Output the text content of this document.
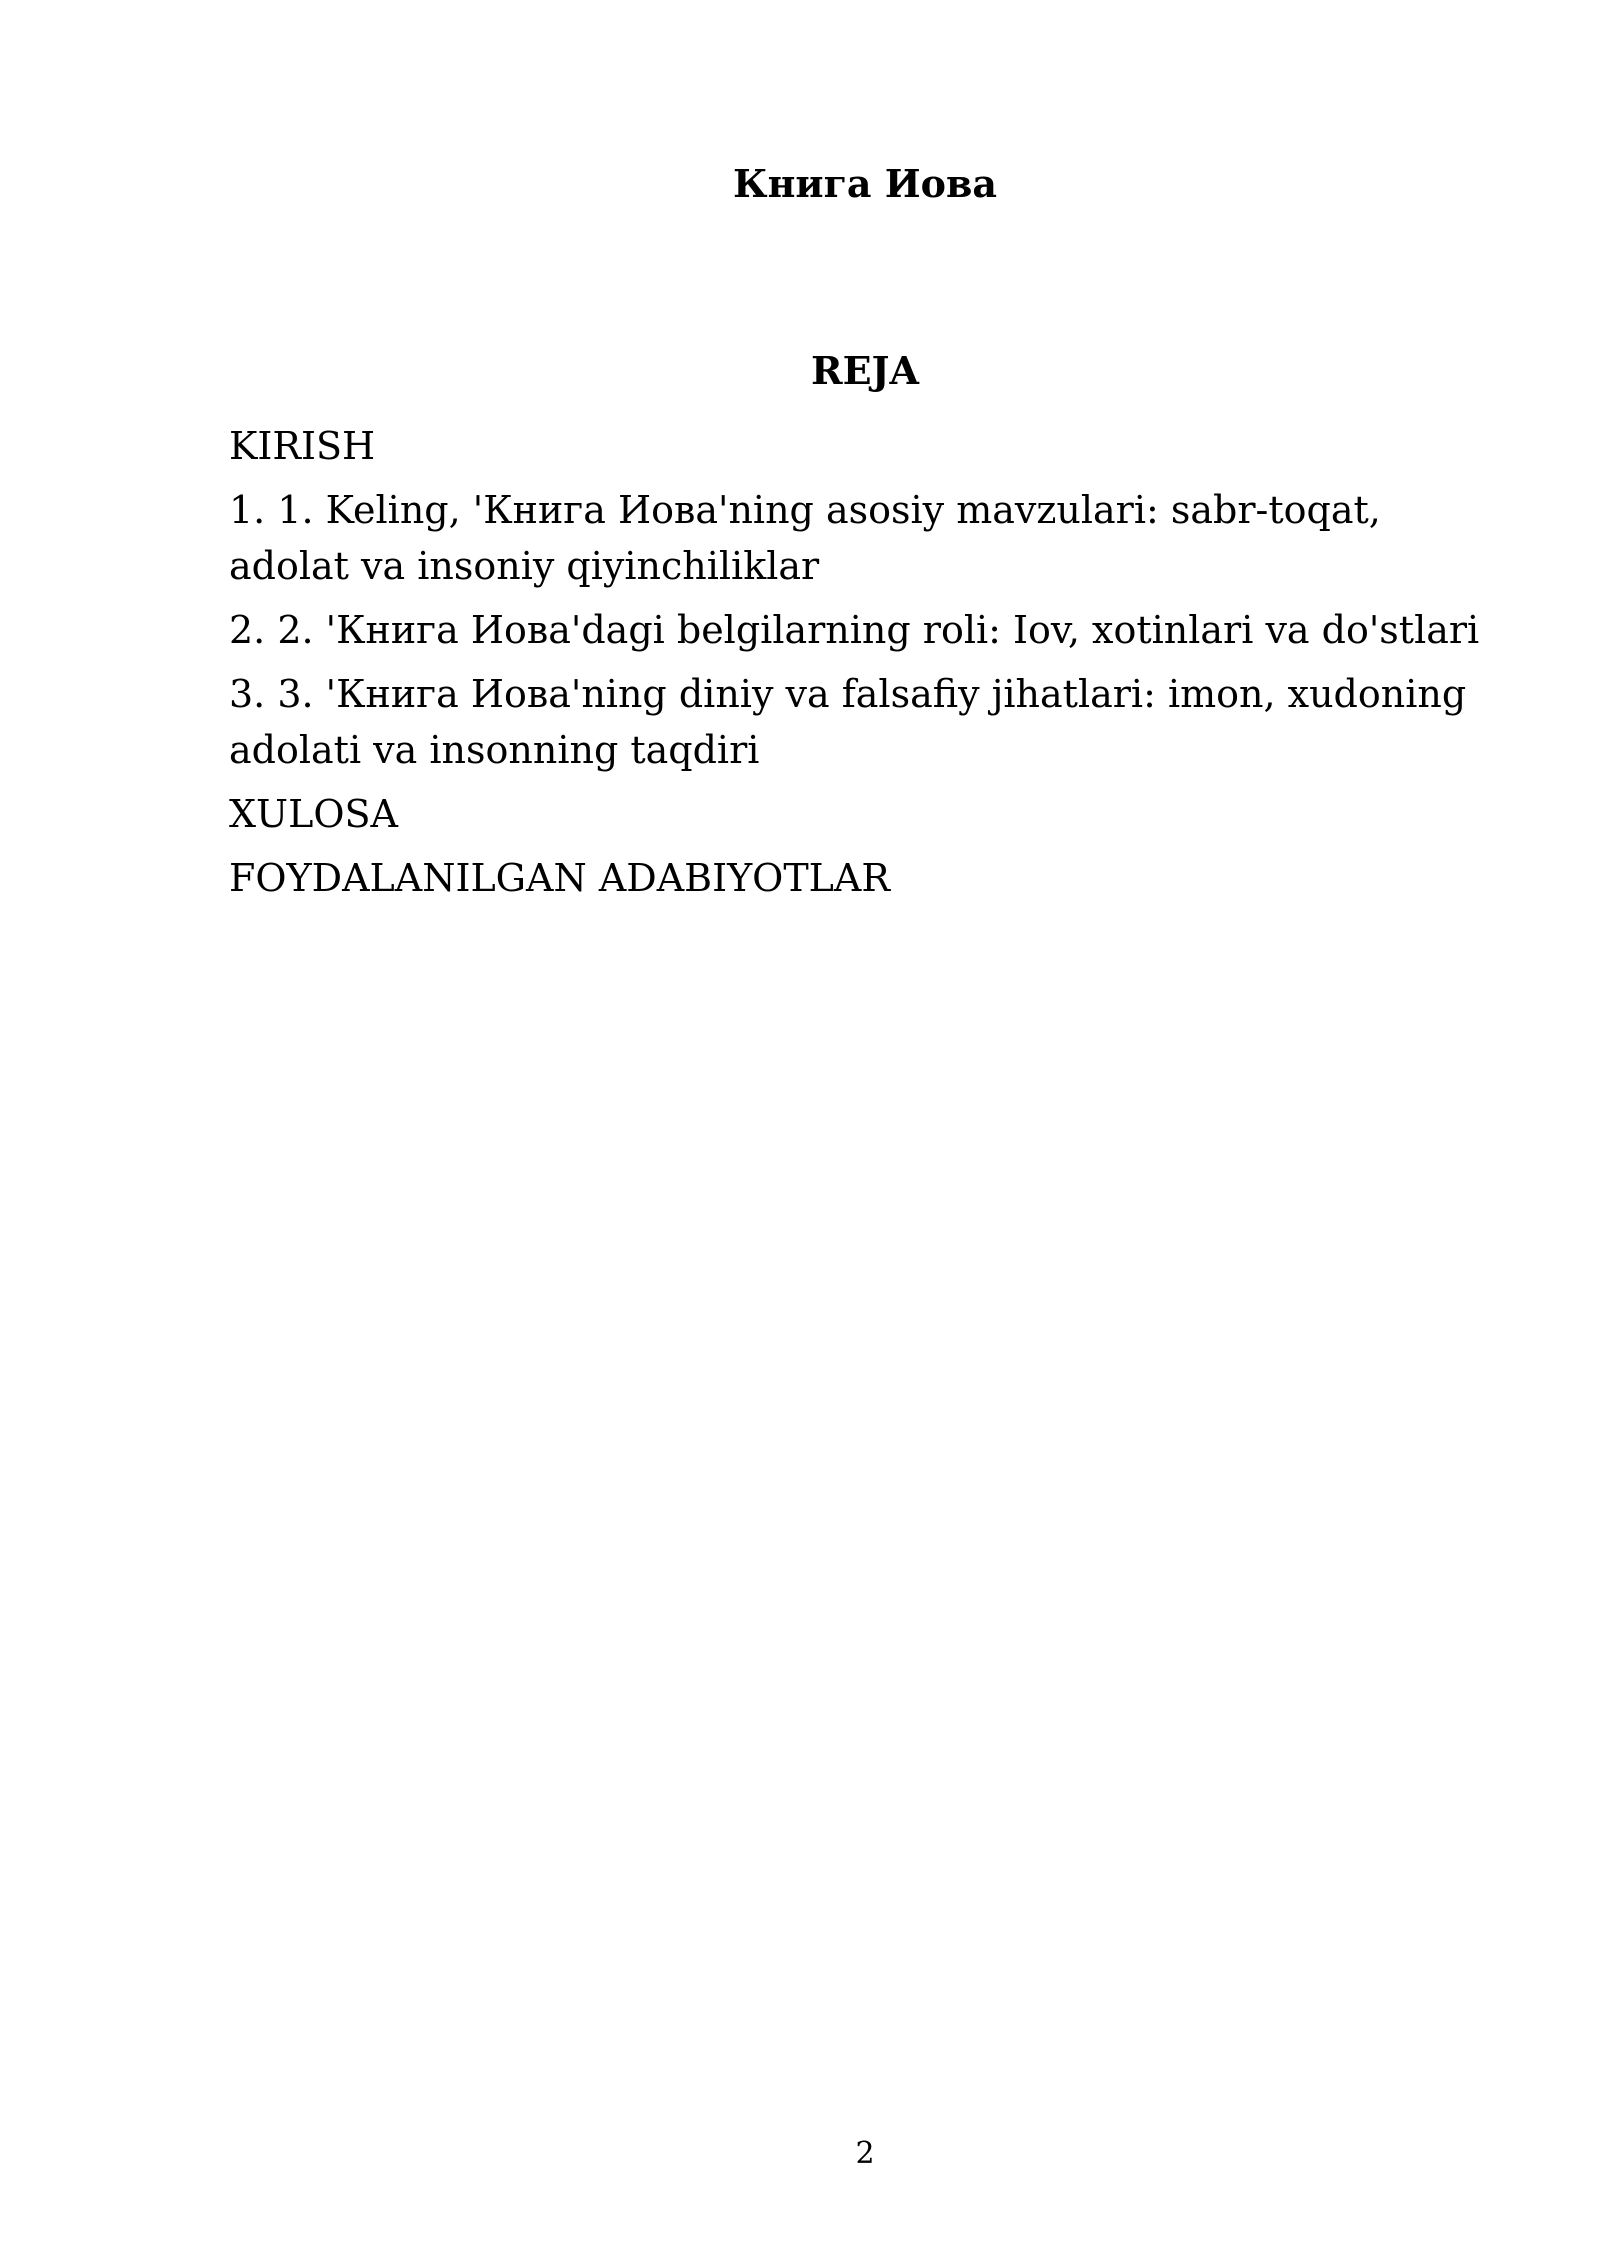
Книга Иова
REJA
KIRISH
1. 1. Keling, 'Книга Иова'ning asosiy mavzulari: sabr-toqat, adolat va insoniy qiyinchiliklar
2. 2. 'Книга Иова'dagi belgilarning roli: Iov, xotinlari va do'stlari
3. 3. 'Книга Иова'ning diniy va falsafiy jihatlari: imon, xudoning adolati va insonning taqdiri
XULOSA
FOYDALANILGAN ADABIYOTLAR
2
